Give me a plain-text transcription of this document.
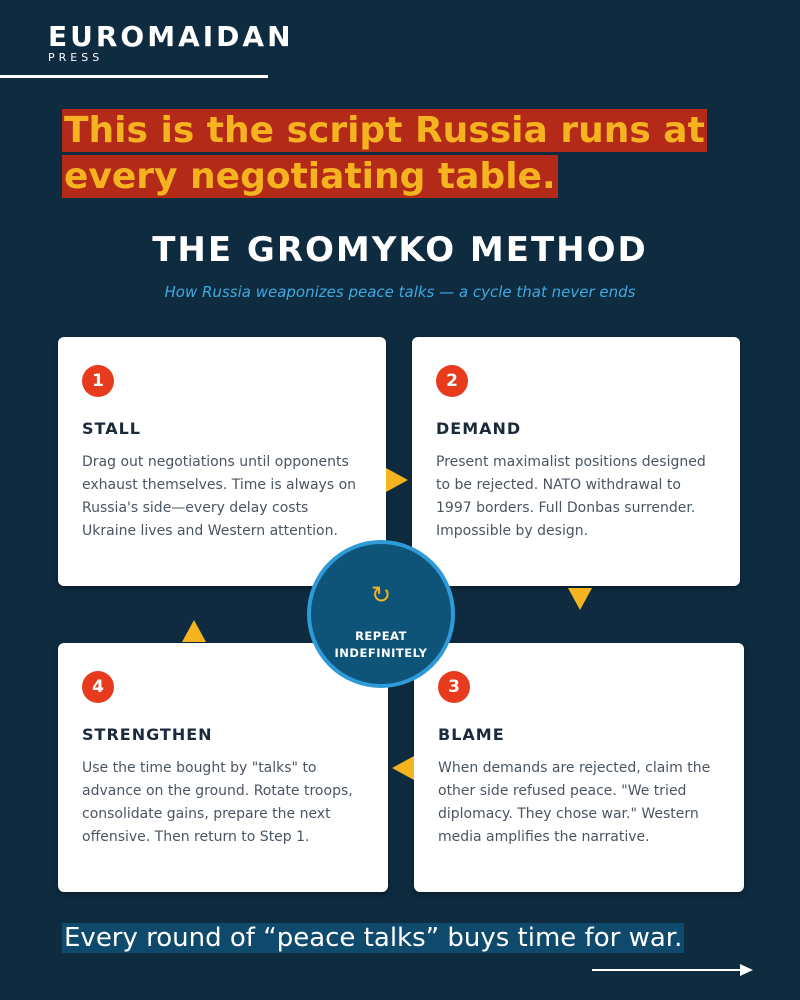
EUROMAIDAN
PRESS
This is the script Russia runs at every negotiating table.
THE GROMYKO METHOD
How Russia weaponizes peace talks — a cycle that never ends
1
STALL
Drag out negotiations until opponents exhaust themselves. Time is always on Russia's side—every delay costs Ukraine lives and Western attention.
2
DEMAND
Present maximalist positions designed to be rejected. NATO withdrawal to 1997 borders. Full Donbas surrender. Impossible by design.
3
BLAME
When demands are rejected, claim the other side refused peace. "We tried diplomacy. They chose war." Western media amplifies the narrative.
4
STRENGTHEN
Use the time bought by "talks" to advance on the ground. Rotate troops, consolidate gains, prepare the next offensive. Then return to Step 1.
↻
REPEAT
INDEFINITELY
Every round of “peace talks” buys time for war.
